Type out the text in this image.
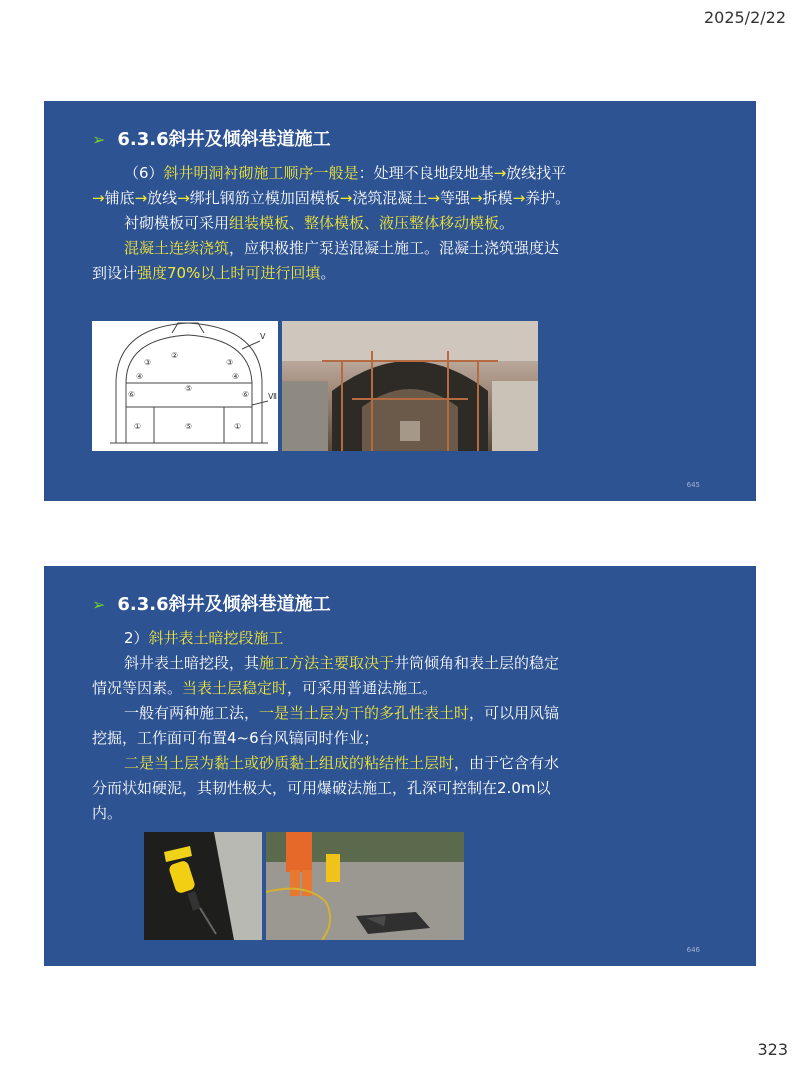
2025/2/22
➢ 6.3.6斜井及倾斜巷道施工

（6）斜井明洞衬砌施工顺序一般是：处理不良地段地基→放线找平→铺底→放线→绑扎钢筋立模加固模板→浇筑混凝土→等强→拆模→养护。

衬砌模板可采用组装模板、整体模板、液压整体移动模板。

混凝土连续浇筑，应积极推广泵送混凝土施工。混凝土浇筑强度达到设计强度70%以上时可进行回填。

②
③	③
④	④
⑥	⑥
⑤
①	⑤	①
V
Ⅶ
645
➢ 6.3.6斜井及倾斜巷道施工

2）斜井表土暗挖段施工

斜井表土暗挖段，其施工方法主要取决于井筒倾角和表土层的稳定情况等因素。当表土层稳定时，可采用普通法施工。

一般有两种施工法，一是当土层为干的多孔性表土时，可以用风镐挖掘，工作面可布置4~6台风镐同时作业；

二是当土层为黏土或砂质黏土组成的粘结性土层时，由于它含有水分而状如硬泥，其韧性极大，可用爆破法施工，孔深可控制在2.0m以内。

646
323
